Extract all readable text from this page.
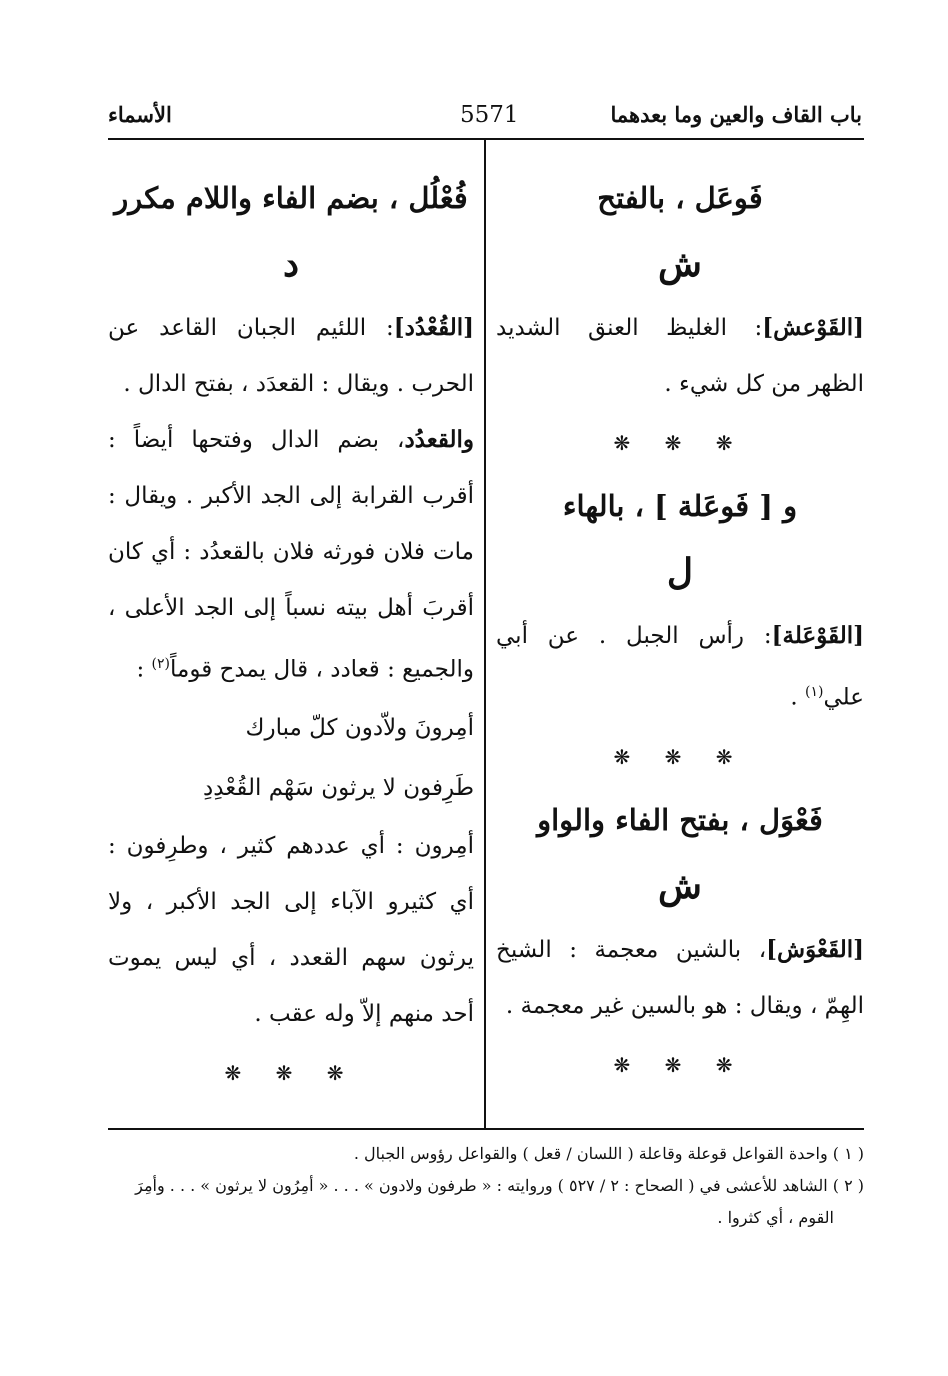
باب القاف والعين وما بعدهما
5571
الأسماء
فَوعَل ، بالفتح
ش

[القَوْعش]: الغليظ العنق الشديد الظهر من كل شيء .

❋ ❋ ❋
و [ فَوعَلة ] ، بالهاء
ل

[القَوْعَلة]: رأس الجبل . عن أبي علي$^{(١)}$ .

❋ ❋ ❋
فَعْوَل ، بفتح الفاء والواو
ش

[القَعْوَش]، بالشين معجمة : الشيخ الهِمّ ، ويقال : هو بالسين غير معجمة .

❋ ❋ ❋
فُعْلُل ، بضم الفاء واللام مكرر
د

[القُعْدُد]: اللئيم الجبان القاعد عن الحرب . ويقال : القعدَد ، بفتح الدال .

والقعدُد، بضم الدال وفتحها أيضاً : أقرب القرابة إلى الجد الأكبر . ويقال : مات فلان فورثه فلان بالقعدُد : أي كان أقربَ أهل بيته نسباً إلى الجد الأعلى ، والجميع : قعادد ، قال يمدح قوماً$^{(٢)}$ :

أمِرونَ ولاّدون كلّ مبارك

طَرِفون لا يرثون سَهْم القُعْدِدِ

أمِرون : أي عددهم كثير ، وطرِفون : أي كثيرو الآباء إلى الجد الأكبر ، ولا يرثون سهم القعدد ، أي ليس يموت أحد منهم إلاّ وله عقب .

❋ ❋ ❋

( ١ ) واحدة القواعل قوعلة وقاعلة ( اللسان / قعل ) والقواعل رؤوس الجبال .

( ٢ ) الشاهد للأعشى في ( الصحاح : ٢ / ٥٢٧ ) وروايته : « طرفون ولادون » . . . « أمِرُون لا يرثون » . . . وأمِرَ

القوم ، أي كثروا .
